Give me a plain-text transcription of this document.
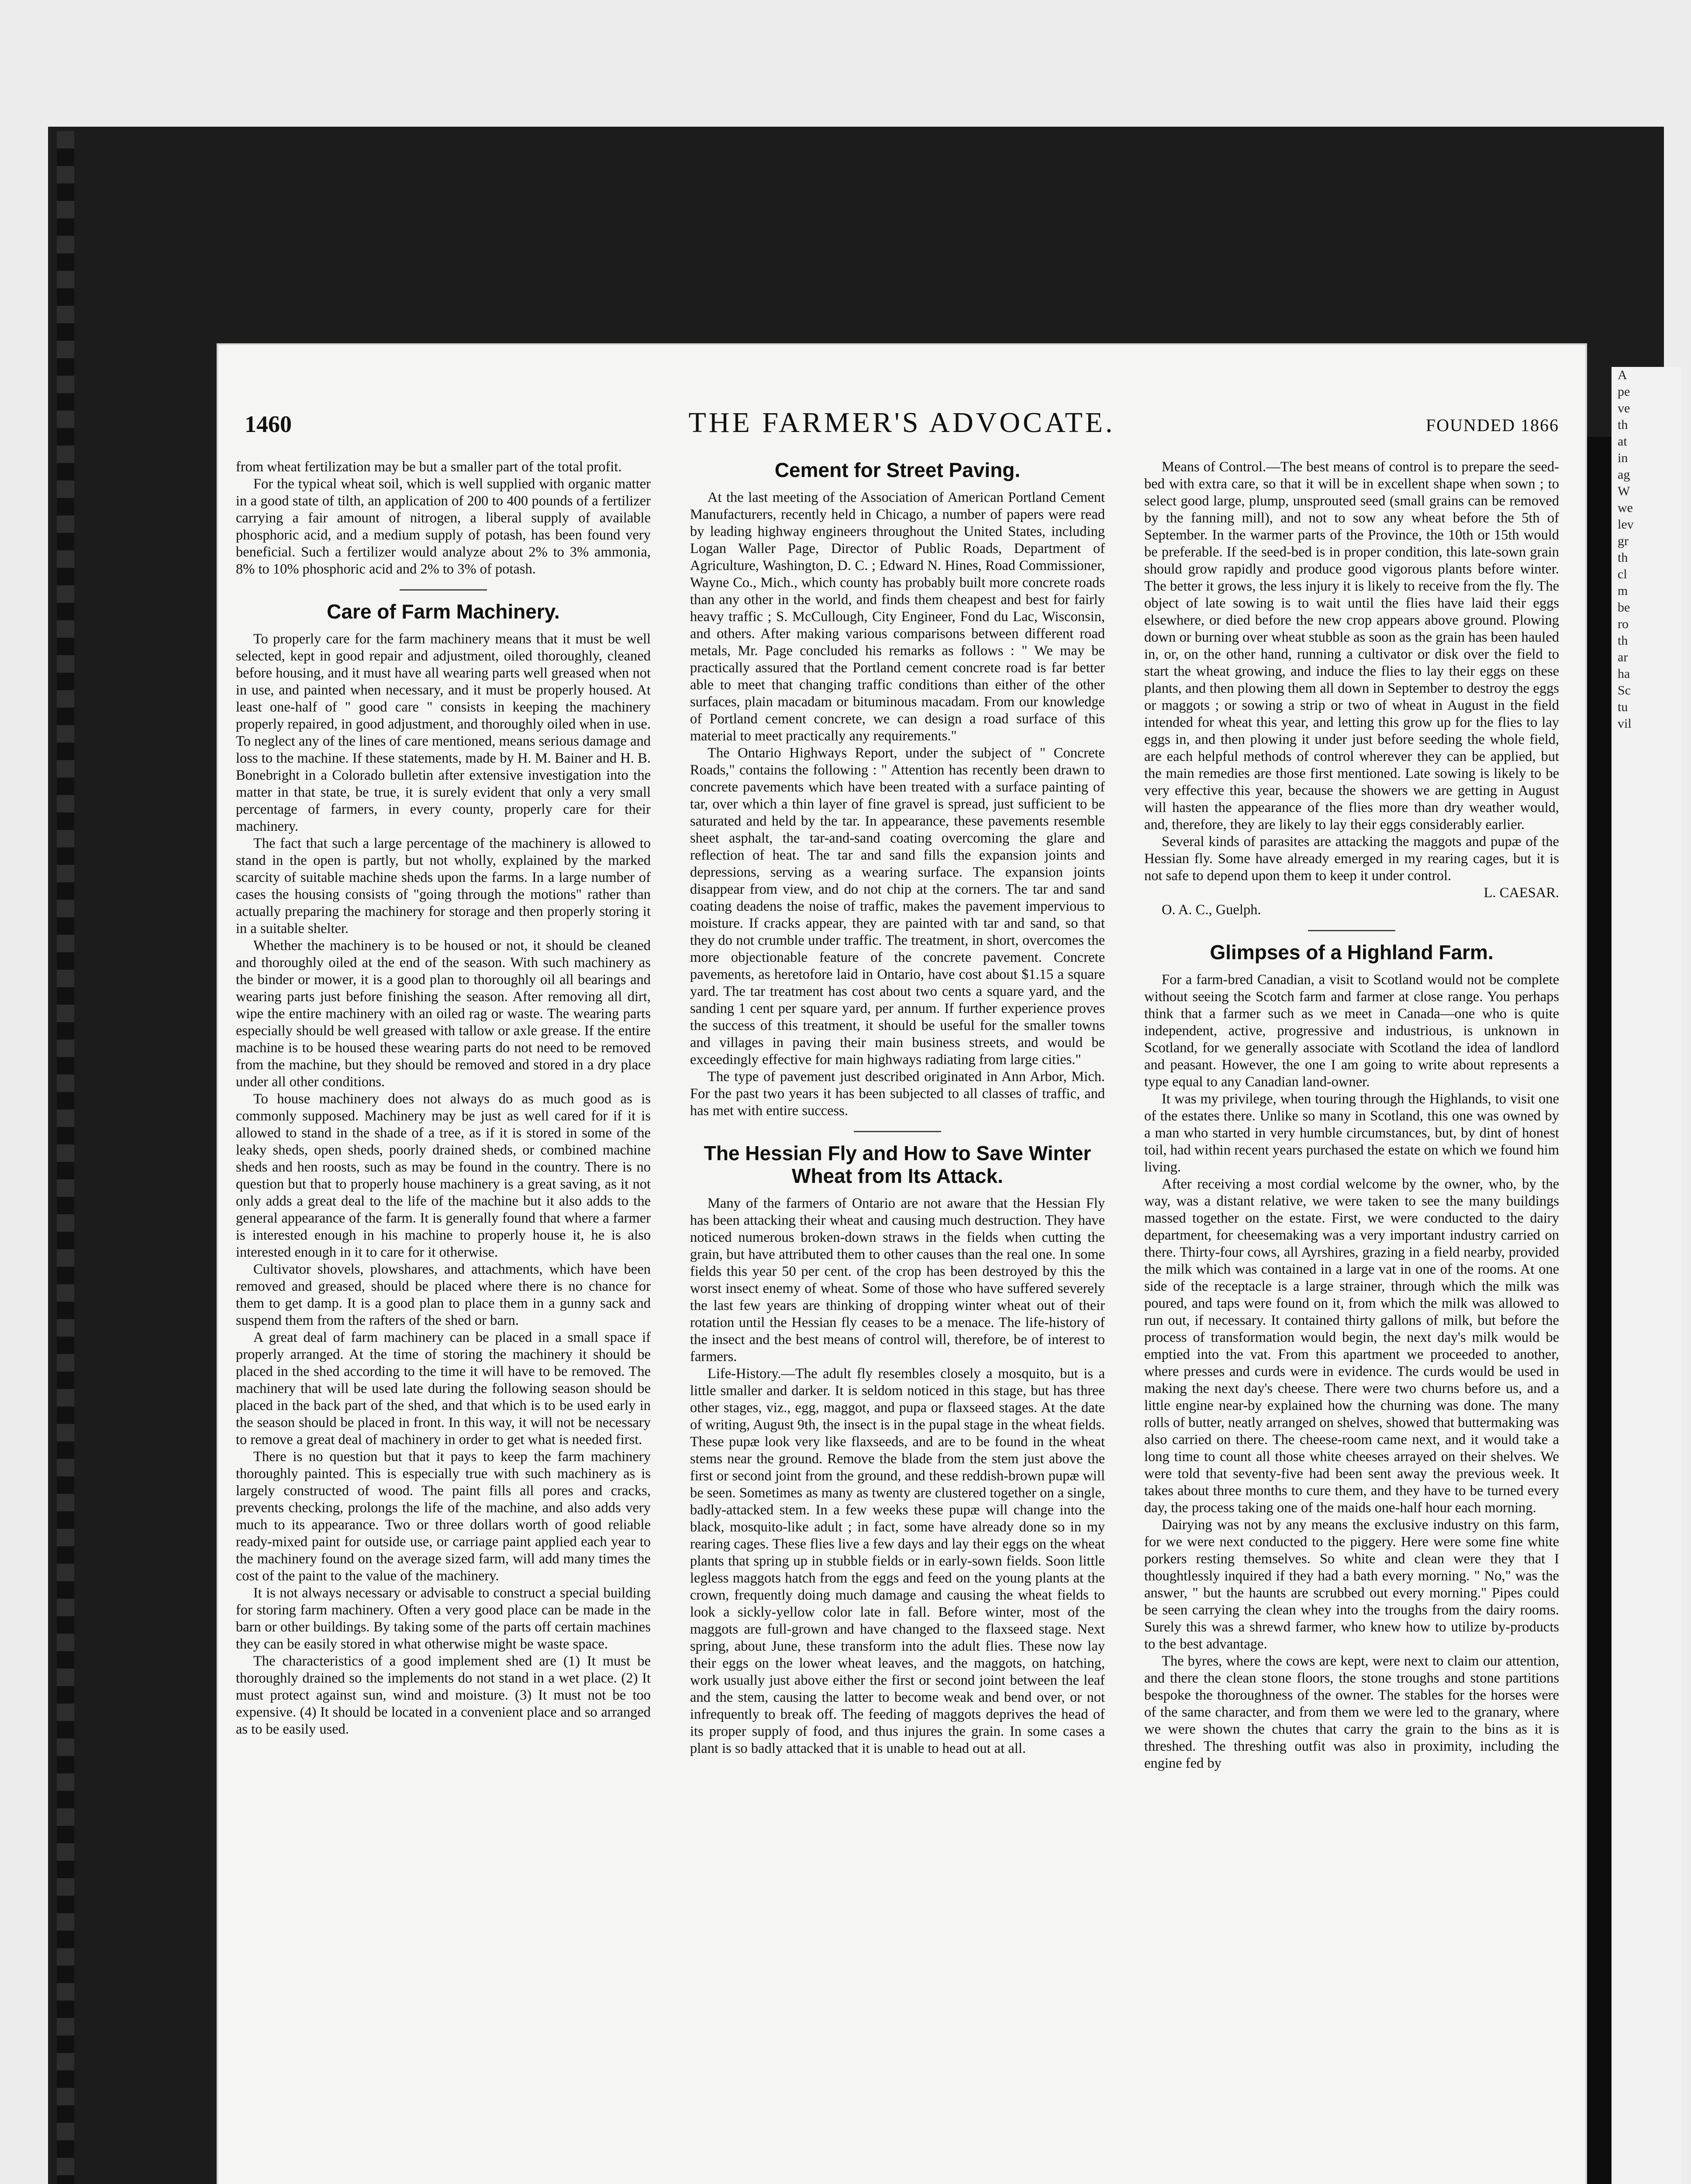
A
pe
ve
th
at
in
ag
W
we
lev
gr
th
cl
m
be
ro
th
ar
ha
Sc
tu
vil
1460	THE FARMER'S ADVOCATE.	FOUNDED 1866

from wheat fertilization may be but a smaller part of the total profit.

For the typical wheat soil, which is well supplied with organic matter in a good state of tilth, an application of 200 to 400 pounds of a fertilizer carrying a fair amount of nitrogen, a liberal supply of available phosphoric acid, and a medium supply of potash, has been found very beneficial. Such a fertilizer would analyze about 2% to 3% ammonia, 8% to 10% phosphoric acid and 2% to 3% of potash.

Care of Farm Machinery.

To properly care for the farm machinery means that it must be well selected, kept in good repair and adjustment, oiled thoroughly, cleaned before housing, and it must have all wearing parts well greased when not in use, and painted when necessary, and it must be properly housed. At least one-half of " good care " consists in keeping the machinery properly repaired, in good adjustment, and thoroughly oiled when in use. To neglect any of the lines of care mentioned, means serious damage and loss to the machine. If these statements, made by H. M. Bainer and H. B. Bonebright in a Colorado bulletin after extensive investigation into the matter in that state, be true, it is surely evident that only a very small percentage of farmers, in every county, properly care for their machinery.

The fact that such a large percentage of the machinery is allowed to stand in the open is partly, but not wholly, explained by the marked scarcity of suitable machine sheds upon the farms. In a large number of cases the housing consists of "going through the motions" rather than actually preparing the machinery for storage and then properly storing it in a suitable shelter.

Whether the machinery is to be housed or not, it should be cleaned and thoroughly oiled at the end of the season. With such machinery as the binder or mower, it is a good plan to thoroughly oil all bearings and wearing parts just before finishing the season. After removing all dirt, wipe the entire machinery with an oiled rag or waste. The wearing parts especially should be well greased with tallow or axle grease. If the entire machine is to be housed these wearing parts do not need to be removed from the machine, but they should be removed and stored in a dry place under all other conditions.

To house machinery does not always do as much good as is commonly supposed. Machinery may be just as well cared for if it is allowed to stand in the shade of a tree, as if it is stored in some of the leaky sheds, open sheds, poorly drained sheds, or combined machine sheds and hen roosts, such as may be found in the country. There is no question but that to properly house machinery is a great saving, as it not only adds a great deal to the life of the machine but it also adds to the general appearance of the farm. It is generally found that where a farmer is interested enough in his machine to properly house it, he is also interested enough in it to care for it otherwise.

Cultivator shovels, plowshares, and attachments, which have been removed and greased, should be placed where there is no chance for them to get damp. It is a good plan to place them in a gunny sack and suspend them from the rafters of the shed or barn.

A great deal of farm machinery can be placed in a small space if properly arranged. At the time of storing the machinery it should be placed in the shed according to the time it will have to be removed. The machinery that will be used late during the following season should be placed in the back part of the shed, and that which is to be used early in the season should be placed in front. In this way, it will not be necessary to remove a great deal of machinery in order to get what is needed first.

There is no question but that it pays to keep the farm machinery thoroughly painted. This is especially true with such machinery as is largely constructed of wood. The paint fills all pores and cracks, prevents checking, prolongs the life of the machine, and also adds very much to its appearance. Two or three dollars worth of good reliable ready-mixed paint for outside use, or carriage paint applied each year to the machinery found on the average sized farm, will add many times the cost of the paint to the value of the machinery.

It is not always necessary or advisable to construct a special building for storing farm machinery. Often a very good place can be made in the barn or other buildings. By taking some of the parts off certain machines they can be easily stored in what otherwise might be waste space.

The characteristics of a good implement shed are (1) It must be thoroughly drained so the implements do not stand in a wet place. (2) It must protect against sun, wind and moisture. (3) It must not be too expensive. (4) It should be located in a convenient place and so arranged as to be easily used.

Cement for Street Paving.

At the last meeting of the Association of American Portland Cement Manufacturers, recently held in Chicago, a number of papers were read by leading highway engineers throughout the United States, including Logan Waller Page, Director of Public Roads, Department of Agriculture, Washington, D. C. ; Edward N. Hines, Road Commissioner, Wayne Co., Mich., which county has probably built more concrete roads than any other in the world, and finds them cheapest and best for fairly heavy traffic ; S. McCullough, City Engineer, Fond du Lac, Wisconsin, and others. After making various comparisons between different road metals, Mr. Page concluded his remarks as follows : " We may be practically assured that the Portland cement concrete road is far better able to meet that changing traffic conditions than either of the other surfaces, plain macadam or bituminous macadam. From our knowledge of Portland cement concrete, we can design a road surface of this material to meet practically any requirements."

The Ontario Highways Report, under the subject of " Concrete Roads," contains the following : " Attention has recently been drawn to concrete pavements which have been treated with a surface painting of tar, over which a thin layer of fine gravel is spread, just sufficient to be saturated and held by the tar. In appearance, these pavements resemble sheet asphalt, the tar-and-sand coating overcoming the glare and reflection of heat. The tar and sand fills the expansion joints and depressions, serving as a wearing surface. The expansion joints disappear from view, and do not chip at the corners. The tar and sand coating deadens the noise of traffic, makes the pavement impervious to moisture. If cracks appear, they are painted with tar and sand, so that they do not crumble under traffic. The treatment, in short, overcomes the more objectionable feature of the concrete pavement. Concrete pavements, as heretofore laid in Ontario, have cost about $1.15 a square yard. The tar treatment has cost about two cents a square yard, and the sanding 1 cent per square yard, per annum. If further experience proves the success of this treatment, it should be useful for the smaller towns and villages in paving their main business streets, and would be exceedingly effective for main highways radiating from large cities."

The type of pavement just described originated in Ann Arbor, Mich. For the past two years it has been subjected to all classes of traffic, and has met with entire success.

The Hessian Fly and How to Save Winter Wheat from Its Attack.

Many of the farmers of Ontario are not aware that the Hessian Fly has been attacking their wheat and causing much destruction. They have noticed numerous broken-down straws in the fields when cutting the grain, but have attributed them to other causes than the real one. In some fields this year 50 per cent. of the crop has been destroyed by this the worst insect enemy of wheat. Some of those who have suffered severely the last few years are thinking of dropping winter wheat out of their rotation until the Hessian fly ceases to be a menace. The life-history of the insect and the best means of control will, therefore, be of interest to farmers.

Life-History.—The adult fly resembles closely a mosquito, but is a little smaller and darker. It is seldom noticed in this stage, but has three other stages, viz., egg, maggot, and pupa or flaxseed stages. At the date of writing, August 9th, the insect is in the pupal stage in the wheat fields. These pupæ look very like flaxseeds, and are to be found in the wheat stems near the ground. Remove the blade from the stem just above the first or second joint from the ground, and these reddish-brown pupæ will be seen. Sometimes as many as twenty are clustered together on a single, badly-attacked stem. In a few weeks these pupæ will change into the black, mosquito-like adult ; in fact, some have already done so in my rearing cages. These flies live a few days and lay their eggs on the wheat plants that spring up in stubble fields or in early-sown fields. Soon little legless maggots hatch from the eggs and feed on the young plants at the crown, frequently doing much damage and causing the wheat fields to look a sickly-yellow color late in fall. Before winter, most of the maggots are full-grown and have changed to the flaxseed stage. Next spring, about June, these transform into the adult flies. These now lay their eggs on the lower wheat leaves, and the maggots, on hatching, work usually just above either the first or second joint between the leaf and the stem, causing the latter to become weak and bend over, or not infrequently to break off. The feeding of maggots deprives the head of its proper supply of food, and thus injures the grain. In some cases a plant is so badly attacked that it is unable to head out at all.

Means of Control.—The best means of control is to prepare the seed-bed with extra care, so that it will be in excellent shape when sown ; to select good large, plump, unsprouted seed (small grains can be removed by the fanning mill), and not to sow any wheat before the 5th of September. In the warmer parts of the Province, the 10th or 15th would be preferable. If the seed-bed is in proper condition, this late-sown grain should grow rapidly and produce good vigorous plants before winter. The better it grows, the less injury it is likely to receive from the fly. The object of late sowing is to wait until the flies have laid their eggs elsewhere, or died before the new crop appears above ground. Plowing down or burning over wheat stubble as soon as the grain has been hauled in, or, on the other hand, running a cultivator or disk over the field to start the wheat growing, and induce the flies to lay their eggs on these plants, and then plowing them all down in September to destroy the eggs or maggots ; or sowing a strip or two of wheat in August in the field intended for wheat this year, and letting this grow up for the flies to lay eggs in, and then plowing it under just before seeding the whole field, are each helpful methods of control wherever they can be applied, but the main remedies are those first mentioned. Late sowing is likely to be very effective this year, because the showers we are getting in August will hasten the appearance of the flies more than dry weather would, and, therefore, they are likely to lay their eggs considerably earlier.

Several kinds of parasites are attacking the maggots and pupæ of the Hessian fly. Some have already emerged in my rearing cages, but it is not safe to depend upon them to keep it under control.

L. CAESAR.

O. A. C., Guelph.

Glimpses of a Highland Farm.

For a farm-bred Canadian, a visit to Scotland would not be complete without seeing the Scotch farm and farmer at close range. You perhaps think that a farmer such as we meet in Canada—one who is quite independent, active, progressive and industrious, is unknown in Scotland, for we generally associate with Scotland the idea of landlord and peasant. However, the one I am going to write about represents a type equal to any Canadian land-owner.

It was my privilege, when touring through the Highlands, to visit one of the estates there. Unlike so many in Scotland, this one was owned by a man who started in very humble circumstances, but, by dint of honest toil, had within recent years purchased the estate on which we found him living.

After receiving a most cordial welcome by the owner, who, by the way, was a distant relative, we were taken to see the many buildings massed together on the estate. First, we were conducted to the dairy department, for cheesemaking was a very important industry carried on there. Thirty-four cows, all Ayrshires, grazing in a field nearby, provided the milk which was contained in a large vat in one of the rooms. At one side of the receptacle is a large strainer, through which the milk was poured, and taps were found on it, from which the milk was allowed to run out, if necessary. It contained thirty gallons of milk, but before the process of transformation would begin, the next day's milk would be emptied into the vat. From this apartment we proceeded to another, where presses and curds were in evidence. The curds would be used in making the next day's cheese. There were two churns before us, and a little engine near-by explained how the churning was done. The many rolls of butter, neatly arranged on shelves, showed that buttermaking was also carried on there. The cheese-room came next, and it would take a long time to count all those white cheeses arrayed on their shelves. We were told that seventy-five had been sent away the previous week. It takes about three months to cure them, and they have to be turned every day, the process taking one of the maids one-half hour each morning.

Dairying was not by any means the exclusive industry on this farm, for we were next conducted to the piggery. Here were some fine white porkers resting themselves. So white and clean were they that I thoughtlessly inquired if they had a bath every morning. " No," was the answer, " but the haunts are scrubbed out every morning." Pipes could be seen carrying the clean whey into the troughs from the dairy rooms. Surely this was a shrewd farmer, who knew how to utilize by-products to the best advantage.

The byres, where the cows are kept, were next to claim our attention, and there the clean stone floors, the stone troughs and stone partitions bespoke the thoroughness of the owner. The stables for the horses were of the same character, and from them we were led to the granary, where we were shown the chutes that carry the grain to the bins as it is threshed. The threshing outfit was also in proximity, including the engine fed by
